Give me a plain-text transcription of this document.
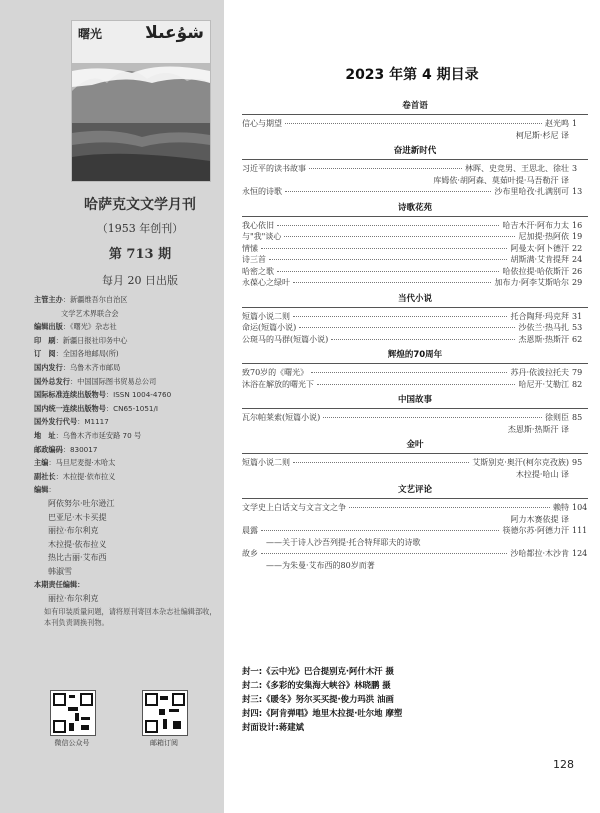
曙光	شۇعىلا
哈萨克文文学月刊
（1953 年创刊）
第 713 期
每月 20 日出版
主管主办：新疆维吾尔自治区
文学艺术界联合会
编辑出版：《曙光》杂志社
印　刷：新疆日报社印务中心
订　阅：全国各地邮局(所)
国内发行：乌鲁木齐市邮局
国外总发行：中国国际图书贸易总公司
国际标准连续出版物号：ISSN 1004-4760
国内统一连续出版物号：CN65-1051/I
国外发行代号：M1117
地　址：乌鲁木齐市延安路 70 号
邮政编码：830017
主编：马旦尼麦提·木哈太
副社长：木拉提·依布拉义
编辑：
阿依努尔·吐尔逊江
巴亚尼·木卡买提
丽拉·布尔利克
木拉提·依布拉义
热比古丽·艾布西
韩淑雪
本期责任编辑：
丽拉·布尔利克
如有印装质量问题，请将原刊寄回本杂志社编辑部收，本刊负责调换刊物。
微信公众号	邮箱订阅
2023 年第 4 期目录
卷首语
信心与期望	赵光鸣 1
柯尼斯·杉尼 译
奋进新时代
习近平的读书故事	林晖、史竞男、王思北、徐壮 3
库姆依·胡阿森、莫茹叶提·马吾勒汗 译
永恒的诗歌	沙布里哈孜·扎满别可 13
诗歌花苑
我心依旧	哈吉木汗·阿布力太 16
与"我"谈心	尼加提·热阿依 19
情愫	阿曼太·阿卜德汗 22
诗三首	胡斯满·艾肯提拜 24
哈密之歌	哈依拉提·哈依斯汗 26
永葆心之绿叶	加布力·阿李艾斯哈尔 29
当代小说
短篇小说二则	托合陶拜·玛克拜 31
命运(短篇小说)	沙依兰·热马扎 53
公斑马的马群(短篇小说)	杰恩斯·热斯汗 62
辉煌的70周年
致70岁的《曙光》	苏丹·依波拉托夫 79
沐浴在解放的曙光下	哈尼开·艾勒江 82
中国故事
瓦尔帕莱索(短篇小说)	徐则臣 85
杰恩斯·热斯汗 译
金叶
短篇小说二则	艾斯别克·奥汗(柯尔克孜族) 95
木拉提·哈山 译
文艺评论
文学史上白话文与文言文之争	赖特 104
阿力木赛依提 译
晨露	筷德尔苏·阿德力汗 111
——关于诗人沙吾列提·托合特拜耶夫的诗歌
故乡	沙哈都拉·木沙肯 124
——为朱曼·艾布西的80岁而著
封一:《云中光》巴合提别克·阿什木汗 摄
封二:《多彩的安集海大峡谷》林晓鹏 摄
封三:《暖冬》努尔买买提·俊力玛洪 油画
封四:《阿肯弹唱》地里木拉提·吐尔地 摩塑
封面设计:蒋建斌
128
